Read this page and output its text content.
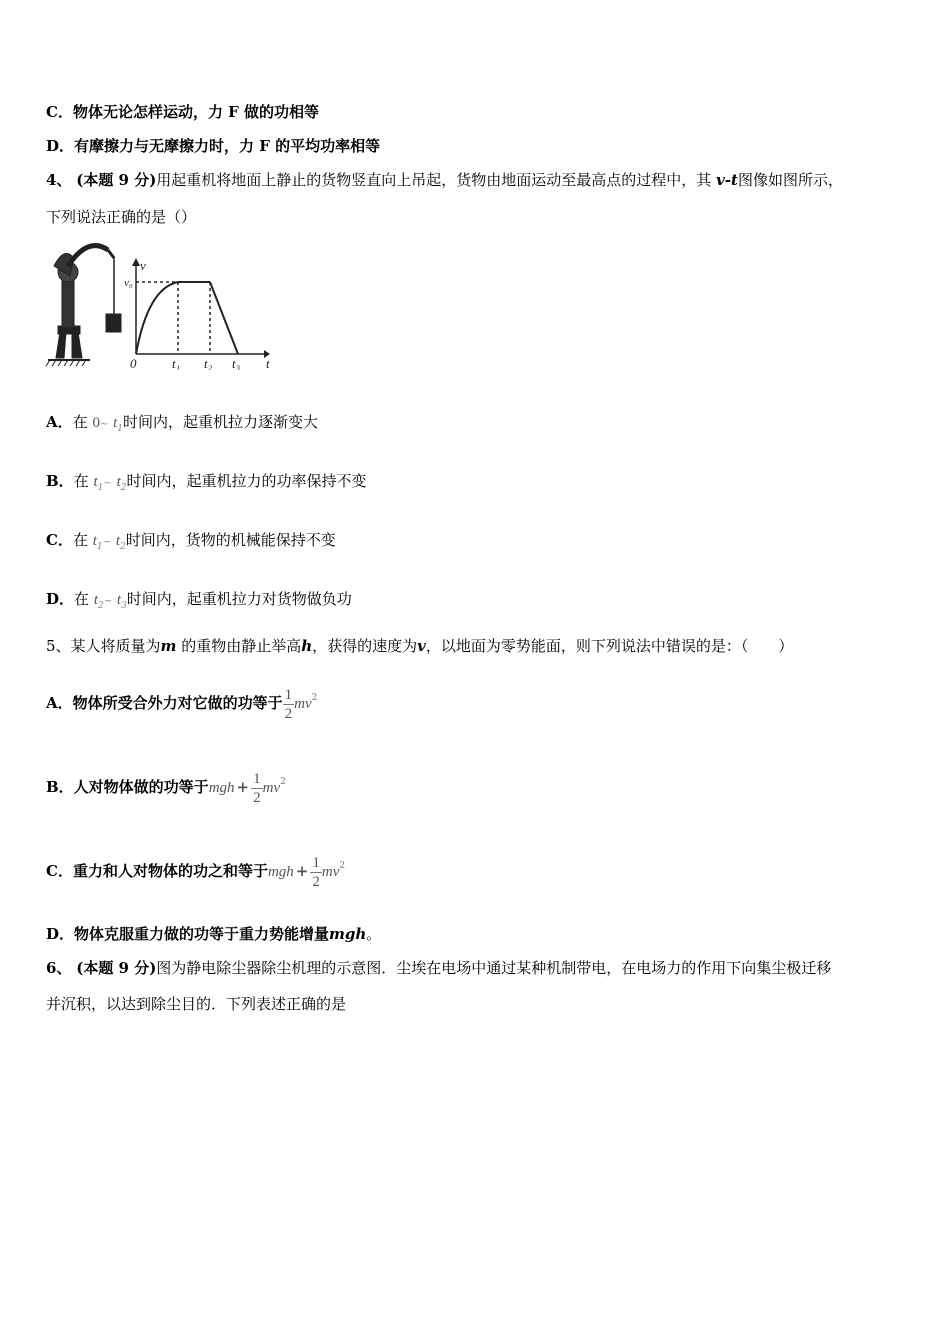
C．物体无论怎样运动，力 F 做的功相等
D．有摩擦力与无摩擦力时，力 F 的平均功率相等
4、 (本题 9 分)用起重机将地面上静止的货物竖直向上吊起，货物由地面运动至最高点的过程中，其 v-t图像如图所示，
下列说法正确的是（）
v
t
v₀
0	t₁ t₂ t₃
A．在 0~ $t_1$时间内，起重机拉力逐渐变大
B．在 $t_1\sim$ $t_2$时间内，起重机拉力的功率保持不变
C．在 $t_1\sim$ $t_2$时间内，货物的机械能保持不变
D．在 $t_2\sim$ $t_3$时间内，起重机拉力对货物做负功
5、某人将质量为m 的重物由静止举高h，获得的速度为v，以地面为零势能面，则下列说法中错误的是：（　　）
A．物体所受合外力对它做的功等于 $\frac{1}{2} mv^2$
B．人对物体做的功等于mgh + $\frac{1}{2} mv^2$
C．重力和人对物体的功之和等于mgh + $\frac{1}{2} mv^2$
D．物体克服重力做的功等于重力势能增量mgh。
6、 (本题 9 分)图为静电除尘器除尘机理的示意图．尘埃在电场中通过某种机制带电，在电场力的作用下向集尘极迁移
并沉积，以达到除尘目的．下列表述正确的是
